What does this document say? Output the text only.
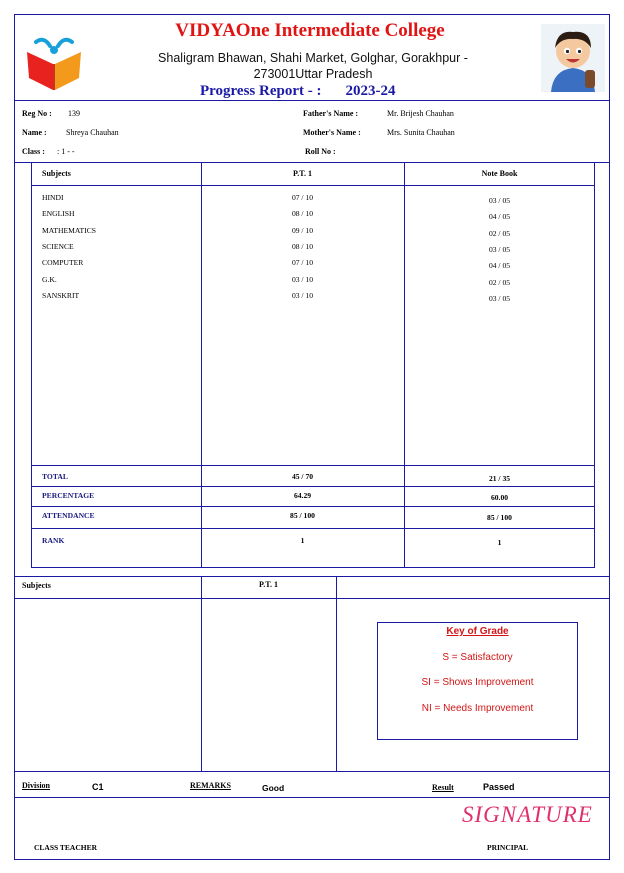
VIDYAOne Intermediate College
Shaligram Bhawan, Shahi Market, Golghar, Gorakhpur - 273001Uttar Pradesh
Progress Report - : 2023-24
Reg No : 139
Name : Shreya Chauhan
Class : : 1 - -
Father's Name :	Mr. Brijesh Chauhan
Mother's Name :	Mrs. Sunita Chauhan
Roll No :
Subjects	P.T. 1	Note Book
HINDI	07 / 10	03 / 05
ENGLISH	08 / 10	04 / 05
MATHEMATICS	09 / 10	02 / 05
SCIENCE	08 / 10	03 / 05
COMPUTER	07 / 10	04 / 05
G.K.	03 / 10	02 / 05
SANSKRIT	03 / 10	03 / 05
TOTAL	45 / 70	21 / 35
PERCENTAGE	64.29	60.00
ATTENDANCE	85 / 100	85 / 100
RANK	1	1
Subjects	P.T. 1
Key of Grade
S = Satisfactory
SI = Shows Improvement
NI = Needs Improvement
Division	C1	REMARKS	Good	Result	Passed
SIGNATURE
CLASS TEACHER	PRINCIPAL
